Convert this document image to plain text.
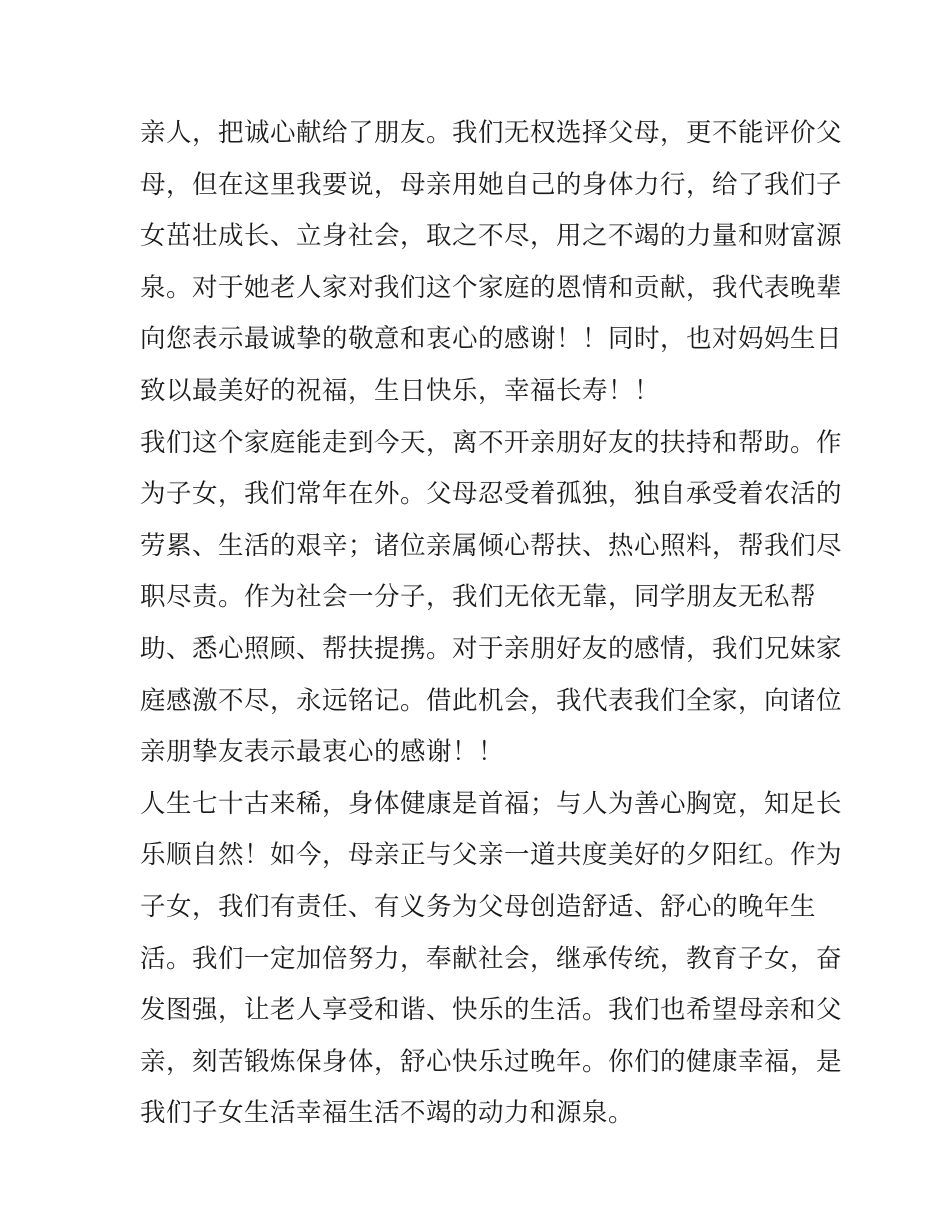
亲人，把诚心献给了朋友。我们无权选择父母，更不能评价父
母，但在这里我要说，母亲用她自己的身体力行，给了我们子
女茁壮成长、立身社会，取之不尽，用之不竭的力量和财富源
泉。对于她老人家对我们这个家庭的恩情和贡献，我代表晚辈
向您表示最诚挚的敬意和衷心的感谢！！同时，也对妈妈生日
致以最美好的祝福，生日快乐，幸福长寿！！
我们这个家庭能走到今天，离不开亲朋好友的扶持和帮助。作
为子女，我们常年在外。父母忍受着孤独，独自承受着农活的
劳累、生活的艰辛；诸位亲属倾心帮扶、热心照料，帮我们尽
职尽责。作为社会一分子，我们无依无靠，同学朋友无私帮
助、悉心照顾、帮扶提携。对于亲朋好友的感情，我们兄妹家
庭感激不尽，永远铭记。借此机会，我代表我们全家，向诸位
亲朋挚友表示最衷心的感谢！！
人生七十古来稀，身体健康是首福；与人为善心胸宽，知足长
乐顺自然！如今，母亲正与父亲一道共度美好的夕阳红。作为
子女，我们有责任、有义务为父母创造舒适、舒心的晚年生
活。我们一定加倍努力，奉献社会，继承传统，教育子女，奋
发图强，让老人享受和谐、快乐的生活。我们也希望母亲和父
亲，刻苦锻炼保身体，舒心快乐过晚年。你们的健康幸福，是
我们子女生活幸福生活不竭的动力和源泉。
